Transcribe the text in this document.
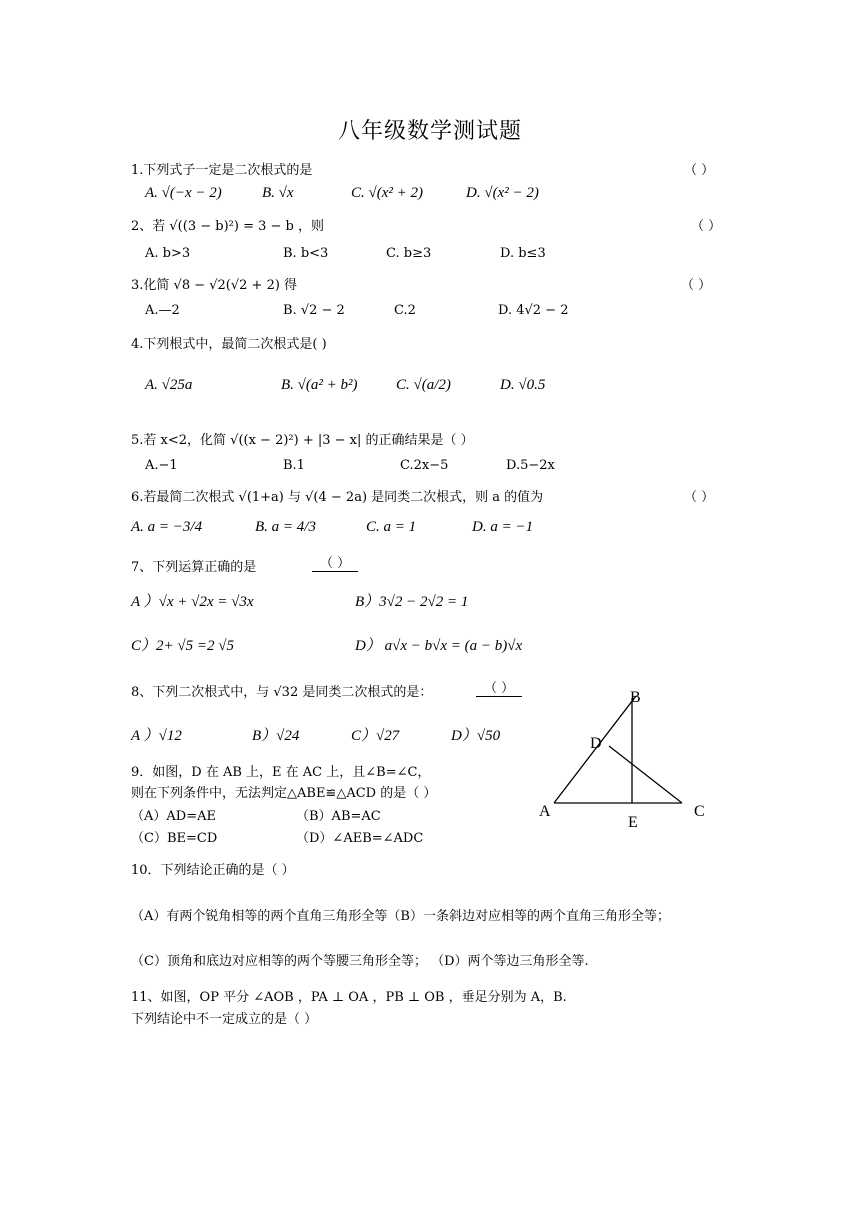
八年级数学测试题
1.下列式子一定是二次根式的是	（ ）
A. √(−x − 2)	B. √x	C. √(x² + 2)	D. √(x² − 2)
2、若 √((3 − b)²) = 3 − b ，则	（ ）
A. b>3	B. b<3	C. b≥3	D. b≤3
3.化简 √8 − √2(√2 + 2) 得	（ ）
A.—2	B. √2 − 2	C.2	D. 4√2 − 2
4.下列根式中，最简二次根式是( )
A. √25a	B. √(a² + b²)	C. √(a/2)	D. √0.5
5.若 x<2，化简 √((x − 2)²) + |3 − x| 的正确结果是（ ）
A.−1	B.1	C.2x−5	D.5−2x
6.若最简二次根式 √(1+a) 与 √(4 − 2a) 是同类二次根式，则 a 的值为	（ ）
A. a = −3/4	B. a = 4/3	C. a = 1	D. a = −1
7、下列运算正确的是	（ ）
A ）√x + √2x = √3x	B）3√2 − 2√2 = 1
C）2+ √5 =2 √5	D） a√x − b√x = (a − b)√x
8、下列二次根式中，与 √32 是同类二次根式的是：	（ ）
A ）√12	B）√24	C）√27	D）√50
9．如图，D 在 AB 上，E 在 AC 上，且∠B=∠C，
则在下列条件中，无法判定△ABE≌△ACD 的是（ ）
（A）AD=AE	（B）AB=AC
（C）BE=CD	（D）∠AEB=∠ADC
B
D
A	C
E
10．下列结论正确的是（ ）
（A）有两个锐角相等的两个直角三角形全等（B）一条斜边对应相等的两个直角三角形全等；
（C）顶角和底边对应相等的两个等腰三角形全等； （D）两个等边三角形全等.
11、如图，OP 平分 ∠AOB ，PA ⊥ OA ，PB ⊥ OB ，垂足分别为 A，B.
下列结论中不一定成立的是（ ）
